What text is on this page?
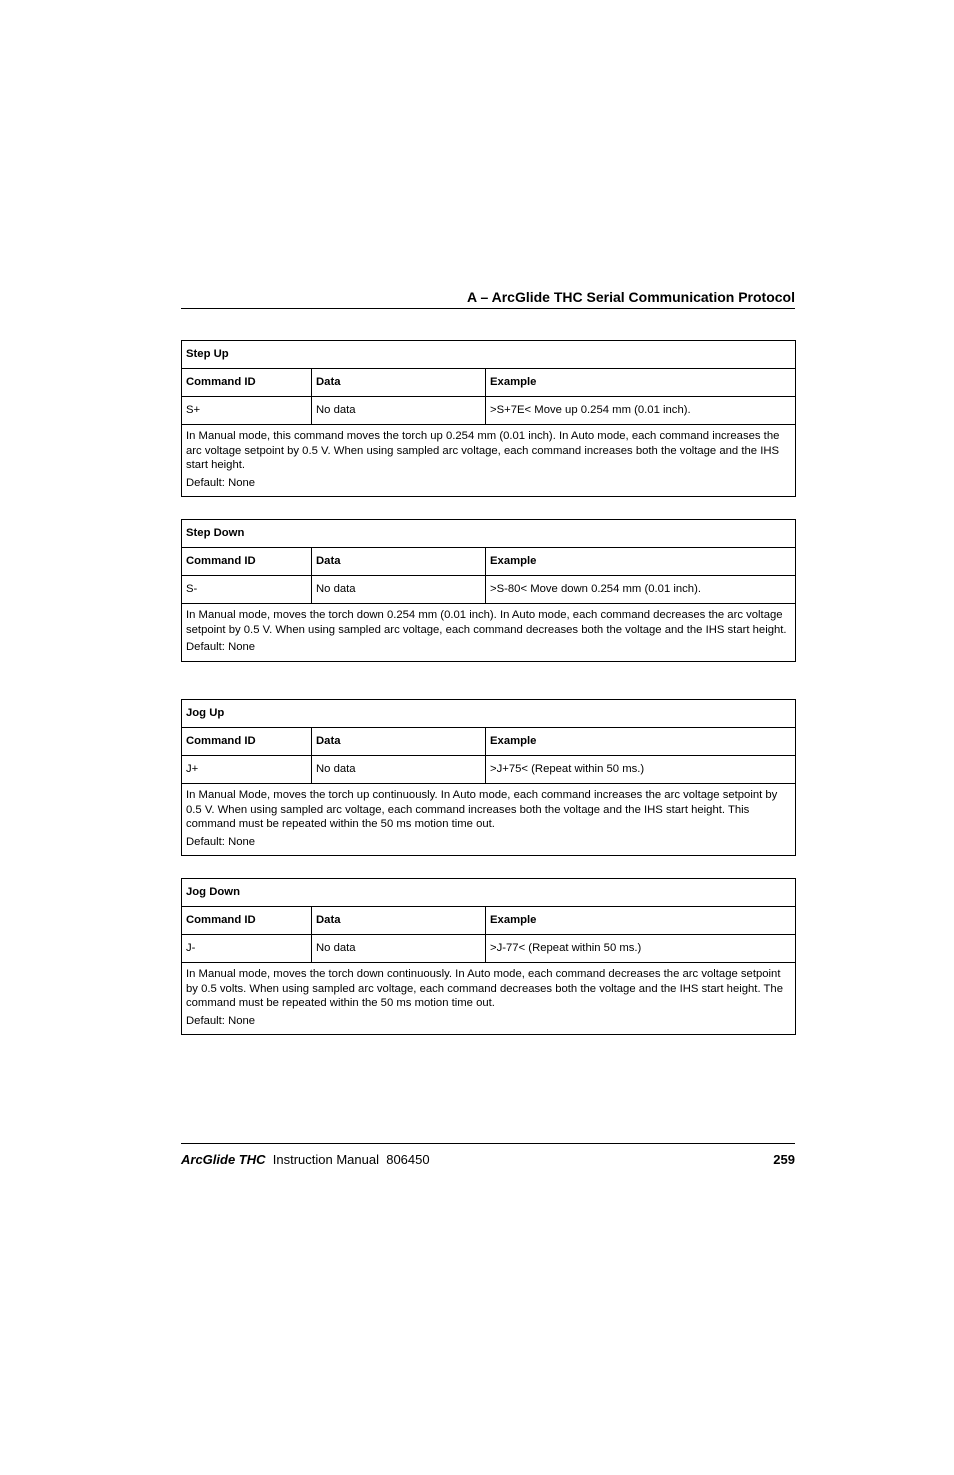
A – ArcGlide THC Serial Communication Protocol
Step Up		
Command ID	Data	Example
S+	No data	>S+7E< Move up 0.254 mm (0.01 inch).

In Manual mode, this command moves the torch up 0.254 mm (0.01 inch). In Auto mode, each command increases the arc voltage setpoint by 0.5 V. When using sampled arc voltage, each command increases both the voltage and the IHS start height.

Default: None		

Step Down		
Command ID	Data	Example
S-	No data	>S-80< Move down 0.254 mm (0.01 inch).

In Manual mode, moves the torch down 0.254 mm (0.01 inch). In Auto mode, each command decreases the arc voltage setpoint by 0.5 V. When using sampled arc voltage, each command decreases both the voltage and the IHS start height.

Default: None		

Jog Up		
Command ID	Data	Example
J+	No data	>J+75< (Repeat within 50 ms.)

In Manual Mode, moves the torch up continuously. In Auto mode, each command increases the arc voltage setpoint by 0.5 V. When using sampled arc voltage, each command increases both the voltage and the IHS start height. This command must be repeated within the 50 ms motion time out.

Default: None		

Jog Down		
Command ID	Data	Example
J-	No data	>J-77< (Repeat within 50 ms.)

In Manual mode, moves the torch down continuously. In Auto mode, each command decreases the arc voltage setpoint by 0.5 volts. When using sampled arc voltage, each command decreases both the voltage and the IHS start height. The command must be repeated within the 50 ms motion time out.

Default: None		

ArcGlide THC Instruction Manual 806450	259
